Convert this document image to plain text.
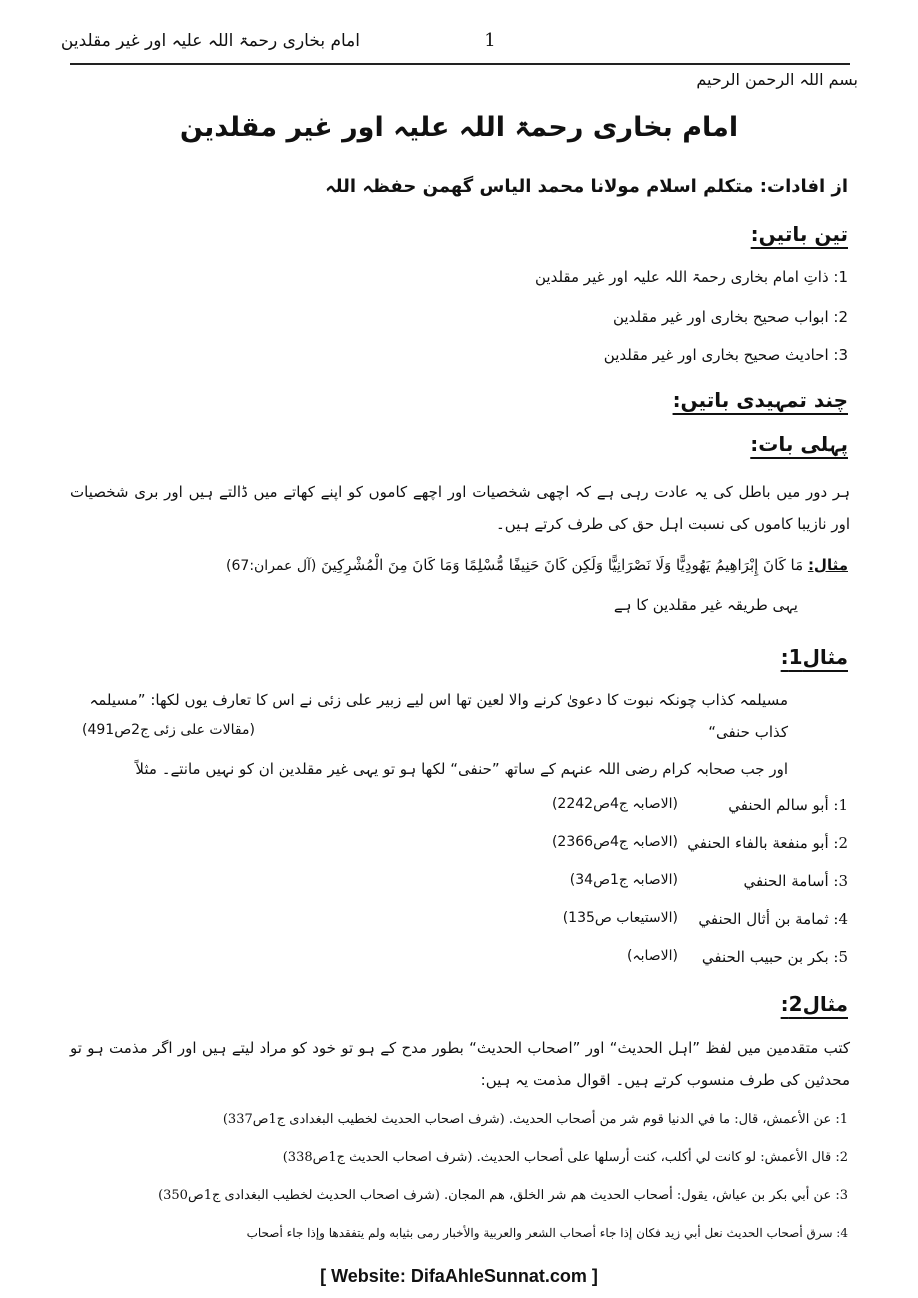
امام بخاری رحمۃ اللہ علیہ اور غیر مقلدین	1
بسم اللہ الرحمن الرحیم
امام بخاری رحمۃ اللہ علیہ اور غیر مقلدین
از افادات: متکلم اسلام مولانا محمد الیاس گھمن حفظہ اللہ
تین باتیں:
1: ذاتِ امام بخاری رحمۃ اللہ علیہ اور غیر مقلدین
2: ابواب صحیح بخاری اور غیر مقلدین
3: احادیث صحیح بخاری اور غیر مقلدین
چند تمہیدی باتیں:
پہلی بات:
ہر دور میں باطل کی یہ عادت رہی ہے کہ اچھی شخصیات اور اچھے کاموں کو اپنے کھاتے میں ڈالتے ہیں اور بری شخصیات اور نازیبا کاموں کی نسبت اہل حق کی طرف کرتے ہیں۔
مثال: مَا كَانَ إِبْرَاهِيمُ يَهُودِيًّا وَلَا نَصْرَانِيًّا وَلَكِن كَانَ حَنِيفًا مُّسْلِمًا وَمَا كَانَ مِنَ الْمُشْرِكِينَ (آل عمران:67)
یہی طریقہ غیر مقلدین کا ہے
مثال1:
مسیلمہ کذاب چونکہ نبوت کا دعویٰ کرنے والا لعین تھا اس لیے زبیر علی زئی نے اس کا تعارف یوں لکھا: ”مسیلمہ کذاب حنفی“
(مقالات علی زئی ج2ص491)
اور جب صحابہ کرام رضی اللہ عنہم کے ساتھ ”حنفی“ لکھا ہو تو یہی غیر مقلدین ان کو نہیں مانتے۔ مثلاً
1: أبو سالم الحنفي
(الاصابہ ج4ص2242)
2: أبو منفعة بالفاء الحنفي
(الاصابہ ج4ص2366)
3: أسامة الحنفي
(الاصابہ ج1ص34)
4: ثمامة بن أثال الحنفي
(الاستیعاب ص135)
5: بكر بن حبيب الحنفي
(الاصابہ)
مثال2:
کتب متقدمین میں لفظ ”اہل الحدیث“ اور ”اصحاب الحدیث“ بطور مدح کے ہو تو خود کو مراد لیتے ہیں اور اگر مذمت ہو تو محدثین کی طرف منسوب کرتے ہیں۔ اقوال مذمت یہ ہیں:
1: عن الأعمش، قال: ما في الدنيا قوم شر من أصحاب الحديث. (شرف اصحاب الحدیث لخطیب البغدادی ج1ص337)
2: قال الأعمش: لو كانت لي أكلب، كنت أرسلها على أصحاب الحديث. (شرف اصحاب الحدیث ج1ص338)
3: عن أبي بكر بن عياش، يقول: أصحاب الحديث هم شر الخلق، هم المجان. (شرف اصحاب الحدیث لخطیب البغدادی ج1ص350)
4: سرق أصحاب الحديث نعل أبي زيد فكان إذا جاء أصحاب الشعر والعربية والأخبار رمى بثيابه ولم يتفقدها وإذا جاء أصحاب
[ Website: DifaAhleSunnat.com ]
